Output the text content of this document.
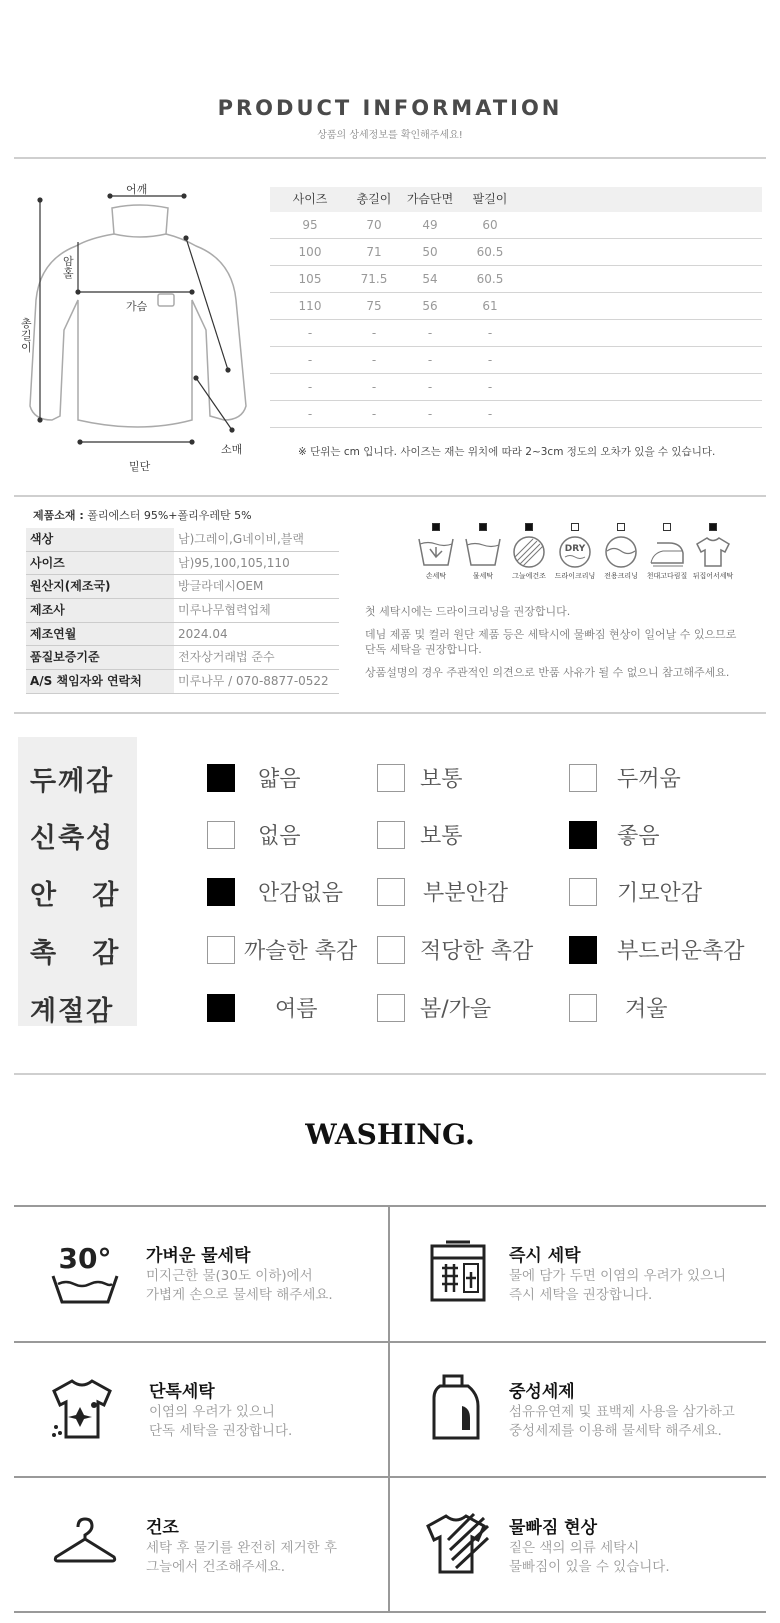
PRODUCT INFORMATION
상품의 상세정보를 확인해주세요!
어깨
암홀
가슴
총길이
소매
밑단
사이즈	총길이	가슴단면	팔길이
95	70	49	60
100	71	50	60.5
105	71.5	54	60.5
110	75	56	61
-	-	-	-
-	-	-	-
-	-	-	-
-	-	-	-
※ 단위는 cm 입니다. 사이즈는 재는 위치에 따라 2~3cm 정도의 오차가 있을 수 있습니다.
제품소재 : 폴리에스터 95%+폴리우레탄 5%
색상	남)그레이,G네이비,블랙
사이즈	남)95,100,105,110
원산지(제조국)	방글라데시OEM
제조사	미루나무협력업체
제조연월	2024.04
품질보증기준	전자상거래법 준수
A/S 책임자와 연락처	미루나무 / 070-8877-0522
손세탁	물세탁	그늘에건조
DRY
드라이크리닝	전용크리닝	천대고다림질 뒤집어서세탁
첫 세탁시에는 드라이크리닝을 권장합니다.
데님 제품 및 컬러 원단 제품 등은 세탁시에 물빠짐 현상이 일어날 수 있으므로
단독 세탁을 권장합니다.
상품설명의 경우 주관적인 의견으로 반품 사유가 될 수 없으니 참고해주세요.
두께감	얇음	보통	두꺼움
신축성	없음	보통	좋음
안   감	안감없음	부분안감	기모안감
촉   감	까슬한 촉감	적당한 촉감	부드러운촉감
계절감	여름	봄/가을	겨울
WASHING.
30° 가벼운 물세탁
미지근한 물(30도 이하)에서
가볍게 손으로 물세탁 해주세요.
즉시 세탁
물에 담가 두면 이염의 우려가 있으니
즉시 세탁을 권장합니다.
단톡세탁
이염의 우려가 있으니
단독 세탁을 권장합니다.
중성세제
섬유유연제 및 표백제 사용을 삼가하고
중성세제를 이용해 물세탁 해주세요.
건조
세탁 후 물기를 완전히 제거한 후
그늘에서 건조해주세요.
물빠짐 현상
짙은 색의 의류 세탁시
물빠짐이 있을 수 있습니다.
